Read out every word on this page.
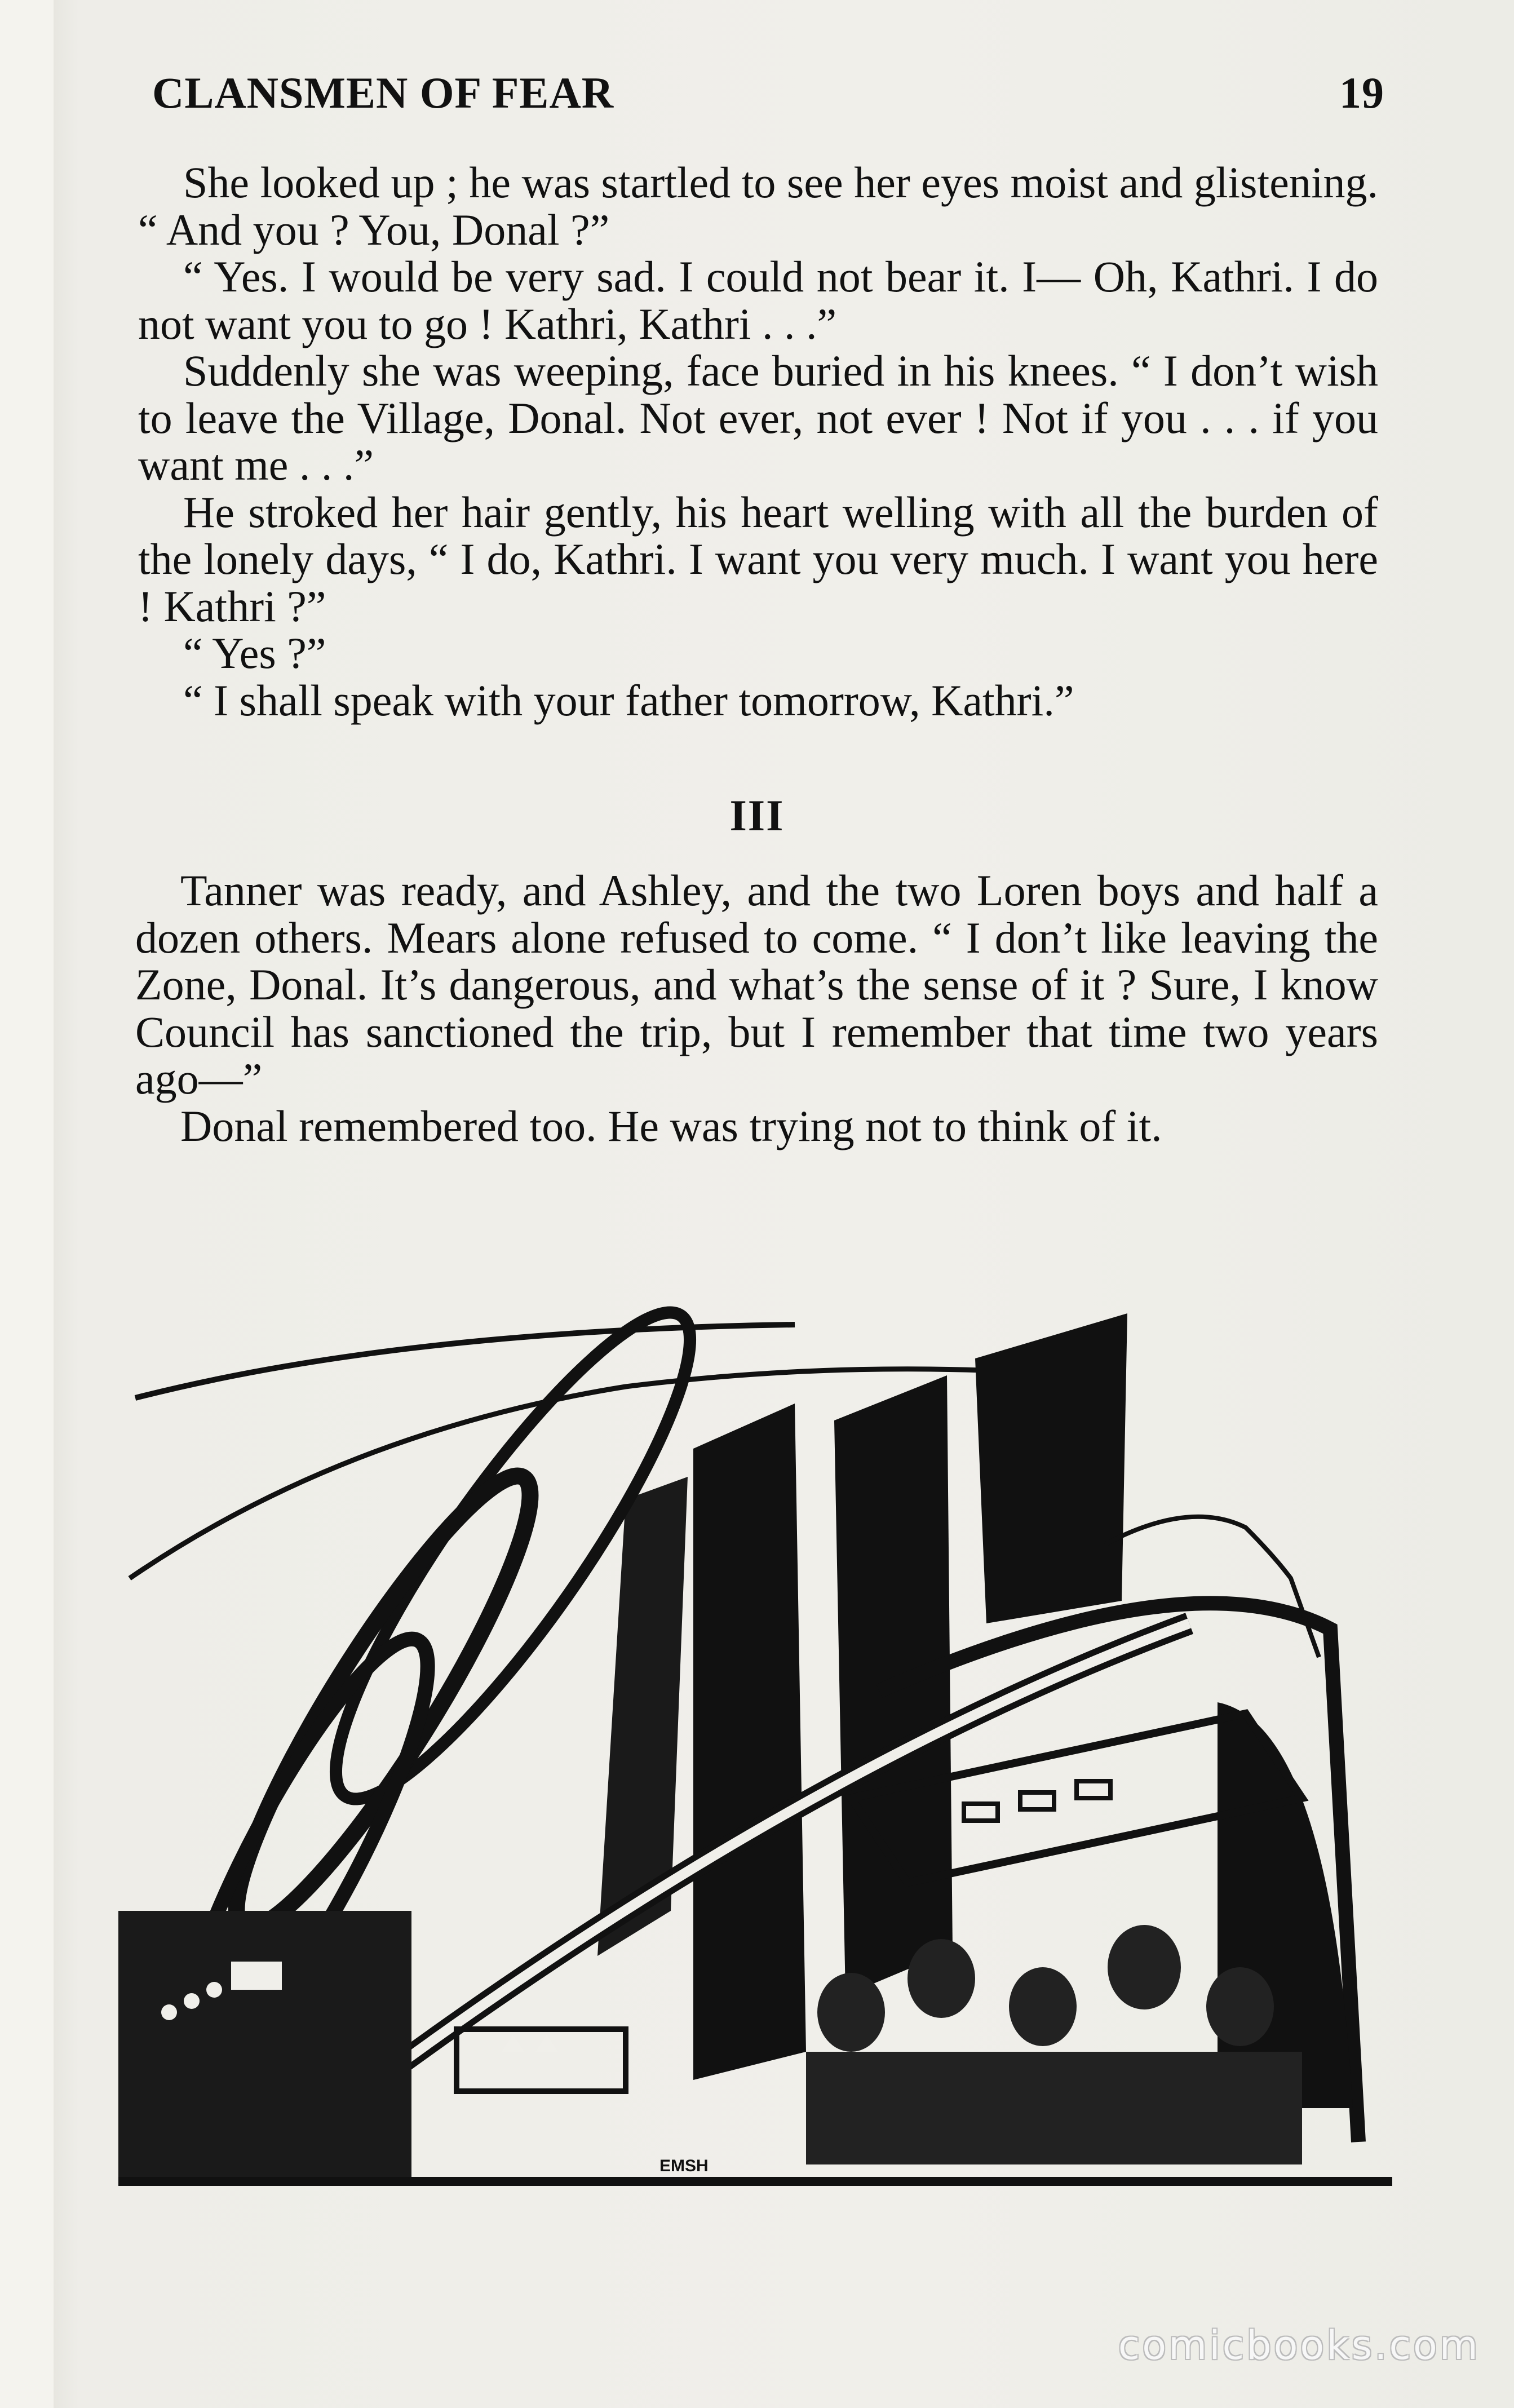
CLANSMEN OF FEAR	19

She looked up ; he was startled to see her eyes moist and glistening. “ And you ? You, Donal ?”

“ Yes. I would be very sad. I could not bear it. I— Oh, Kathri. I do not want you to go ! Kathri, Kathri . . .”

Suddenly she was weeping, face buried in his knees. “ I don’t wish to leave the Village, Donal. Not ever, not ever ! Not if you . . . if you want me . . .”

He stroked her hair gently, his heart welling with all the burden of the lonely days, “ I do, Kathri. I want you very much. I want you here ! Kathri ?”

“ Yes ?”

“ I shall speak with your father tomorrow, Kathri.”

III

Tanner was ready, and Ashley, and the two Loren boys and half a dozen others. Mears alone refused to come. “ I don’t like leaving the Zone, Donal. It’s dangerous, and what’s the sense of it ? Sure, I know Council has sanctioned the trip, but I remember that time two years ago—”

Donal remembered too. He was trying not to think of it.

EMSH
comicbooks.com
